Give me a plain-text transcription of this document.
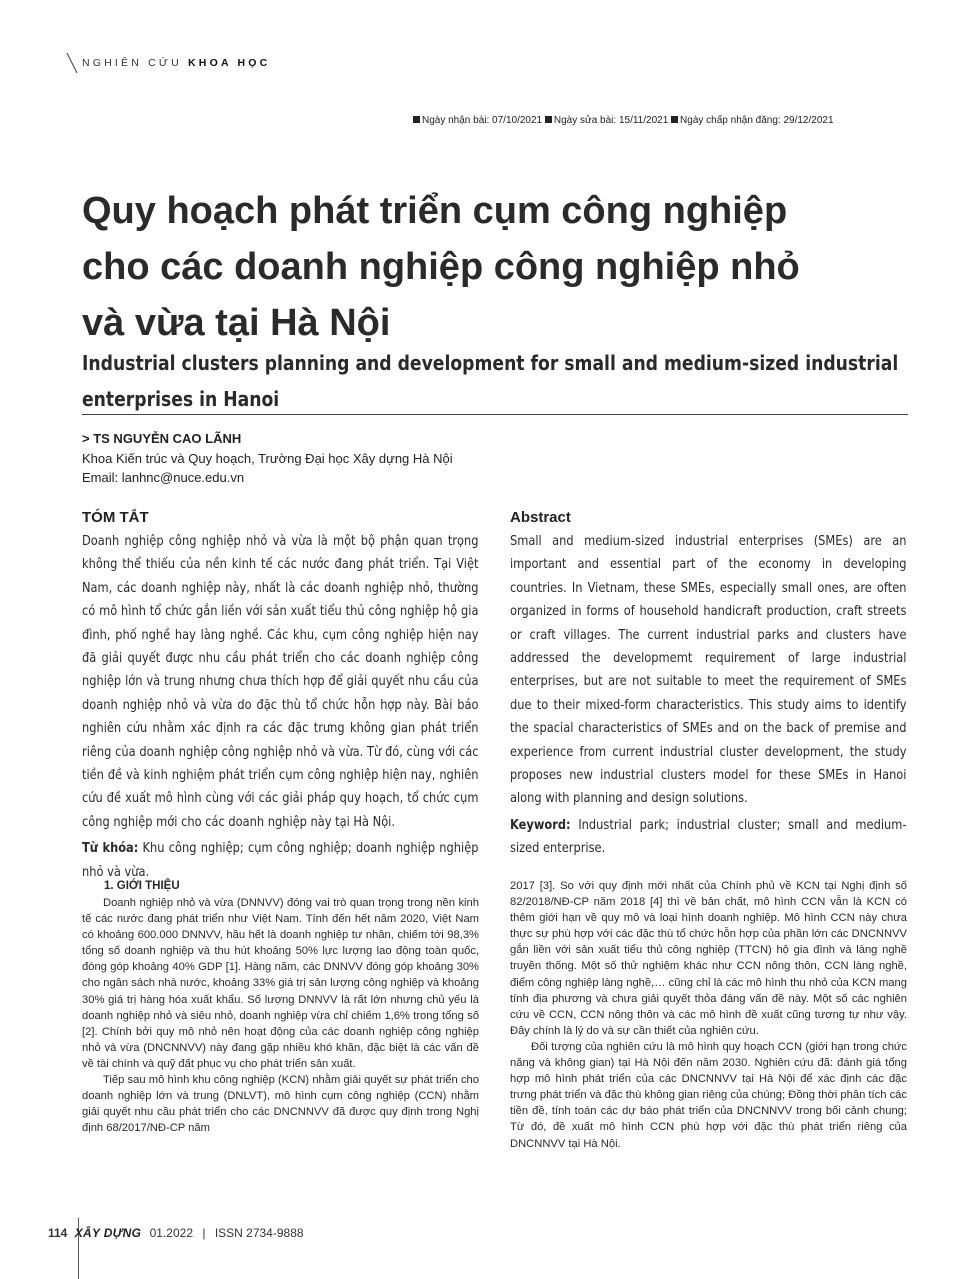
NGHIÊN CỨU KHOA HỌC
Ngày nhận bài: 07/10/2021 Ngày sửa bài: 15/11/2021 Ngày chấp nhận đăng: 29/12/2021
Quy hoạch phát triển cụm công nghiệp
cho các doanh nghiệp công nghiệp nhỏ
và vừa tại Hà Nội
Industrial clusters planning and development for small and medium-sized industrial
enterprises in Hanoi
> TS NGUYỄN CAO LÃNH
Khoa Kiến trúc và Quy hoạch, Trường Đại học Xây dựng Hà Nội
Email: lanhnc@nuce.edu.vn
TÓM TẮT
Doanh nghiệp công nghiệp nhỏ và vừa là một bộ phận quan trọng không thể thiếu của nền kinh tế các nước đang phát triển. Tại Việt Nam, các doanh nghiệp này, nhất là các doanh nghiệp nhỏ, thường có mô hình tổ chức gắn liền với sản xuất tiểu thủ công nghiệp hộ gia đình, phố nghề hay làng nghề. Các khu, cụm công nghiệp hiện nay đã giải quyết được nhu cầu phát triển cho các doanh nghiệp công nghiệp lớn và trung nhưng chưa thích hợp để giải quyết nhu cầu của doanh nghiệp nhỏ và vừa do đặc thù tổ chức hỗn hợp này. Bài báo nghiên cứu nhằm xác định ra các đặc trưng không gian phát triển riêng của doanh nghiệp công nghiệp nhỏ và vừa. Từ đó, cùng với các tiền đề và kinh nghiệm phát triển cụm công nghiệp hiện nay, nghiên cứu đề xuất mô hình cùng với các giải pháp quy hoạch, tổ chức cụm công nghiệp mới cho các doanh nghiệp này tại Hà Nội.
Từ khóa: Khu công nghiệp; cụm công nghiệp; doanh nghiệp nghiệp nhỏ và vừa.
Abstract
Small and medium-sized industrial enterprises (SMEs) are an important and essential part of the economy in developing countries. In Vietnam, these SMEs, especially small ones, are often organized in forms of household handicraft production, craft streets or craft villages. The current industrial parks and clusters have addressed the developmemt requirement of large industrial enterprises, but are not suitable to meet the requirement of SMEs due to their mixed-form characteristics. This study aims to identify the spacial characteristics of SMEs and on the back of premise and experience from current industrial cluster development, the study proposes new industrial clusters model for these SMEs in Hanoi along with planning and design solutions.
Keyword: Industrial park; industrial cluster; small and medium-sized enterprise.
1. GIỚI THIỆU

Doanh nghiệp nhỏ và vừa (DNNVV) đóng vai trò quan trọng trong nền kinh tế các nước đang phát triển như Việt Nam. Tính đến hết năm 2020, Việt Nam có khoảng 600.000 DNNVV, hầu hết là doanh nghiệp tư nhân, chiếm tới 98,3% tổng số doanh nghiệp và thu hút khoảng 50% lực lượng lao động toàn quốc, đóng góp khoảng 40% GDP [1]. Hàng năm, các DNNVV đóng góp khoảng 30% cho ngân sách nhà nước, khoảng 33% giá trị sản lượng công nghiệp và khoảng 30% giá trị hàng hóa xuất khẩu. Số lượng DNNVV là rất lớn nhưng chủ yếu là doanh nghiệp nhỏ và siêu nhỏ, doanh nghiệp vừa chỉ chiếm 1,6% trong tổng số [2]. Chính bởi quy mô nhỏ nên hoạt động của các doanh nghiệp công nghiệp nhỏ và vừa (DNCNNVV) này đang gặp nhiều khó khăn, đặc biệt là các vấn đề về tài chính và quỹ đất phục vụ cho phát triển sản xuất.

Tiếp sau mô hình khu công nghiệp (KCN) nhằm giải quyết sự phát triển cho doanh nghiệp lớn và trung (DNLVT), mô hình cụm công nghiệp (CCN) nhằm giải quyết nhu cầu phát triển cho các DNCNNVV đã được quy định trong Nghị định 68/2017/NĐ-CP năm

2017 [3]. So với quy định mới nhất của Chính phủ về KCN tại Nghị định số 82/2018/NĐ-CP năm 2018 [4] thì về bản chất, mô hình CCN vẫn là KCN có thêm giới hạn về quy mô và loại hình doanh nghiệp. Mô hình CCN này chưa thực sự phù hợp với các đặc thù tổ chức hỗn hợp của phần lớn các DNCNNVV gắn liền với sản xuất tiểu thủ công nghiệp (TTCN) hộ gia đình và làng nghề truyền thống. Một số thử nghiệm khác như CCN nông thôn, CCN làng nghề, điểm công nghiệp làng nghề,… cũng chỉ là các mô hình thu nhỏ của KCN mang tính địa phương và chưa giải quyết thỏa đáng vấn đề này. Một số các nghiên cứu về CCN, CCN nông thôn và các mô hình đề xuất cũng tương tự như vậy. Đây chính là lý do và sự cần thiết của nghiên cứu.

Đối tượng của nghiên cứu là mô hình quy hoạch CCN (giới hạn trong chức năng và không gian) tại Hà Nội đến năm 2030. Nghiên cứu đã: đánh giá tổng hợp mô hình phát triển của các DNCNNVV tại Hà Nội để xác định các đặc trưng phát triển và đặc thù không gian riêng của chúng; Đồng thời phân tích các tiền đề, tính toán các dự báo phát triển của DNCNNVV trong bối cảnh chung; Từ đó, đề xuất mô hình CCN phù hợp với đặc thù phát triển riêng của DNCNNVV tại Hà Nội.

114 XÂY DỰNG 01.2022 | ISSN 2734-9888
